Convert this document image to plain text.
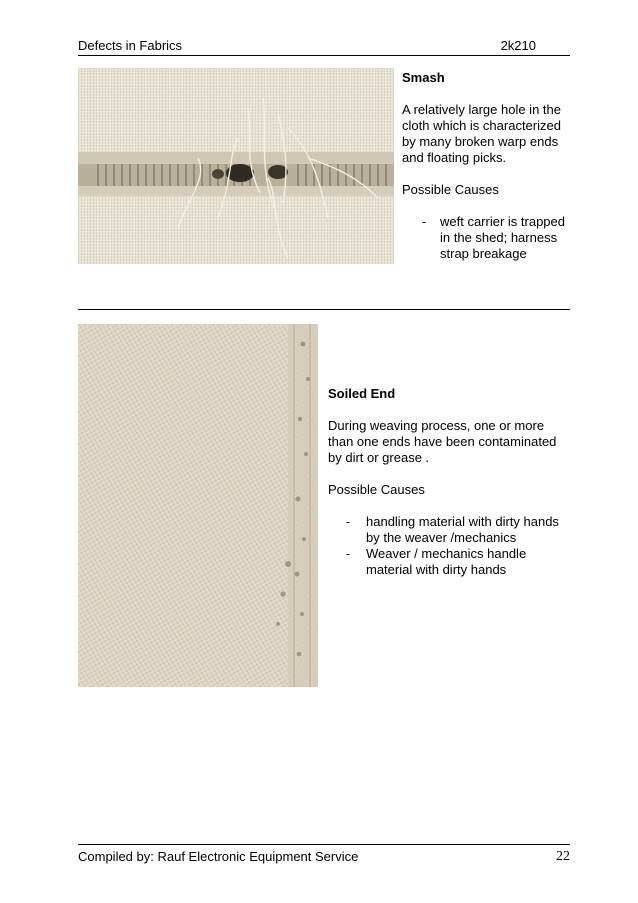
Defects in Fabrics	2k210

Smash

A relatively large hole in the cloth which is characterized by many broken warp ends and floating picks.

Possible Causes

- weft carrier is trapped in the shed; harness strap breakage

Soiled End

During weaving process, one or more than one ends have been contaminated by dirt or grease .

Possible Causes

- handling material with dirty hands by the weaver /mechanics
- Weaver / mechanics handle material with dirty hands
Compiled by: Rauf Electronic Equipment Service	22
